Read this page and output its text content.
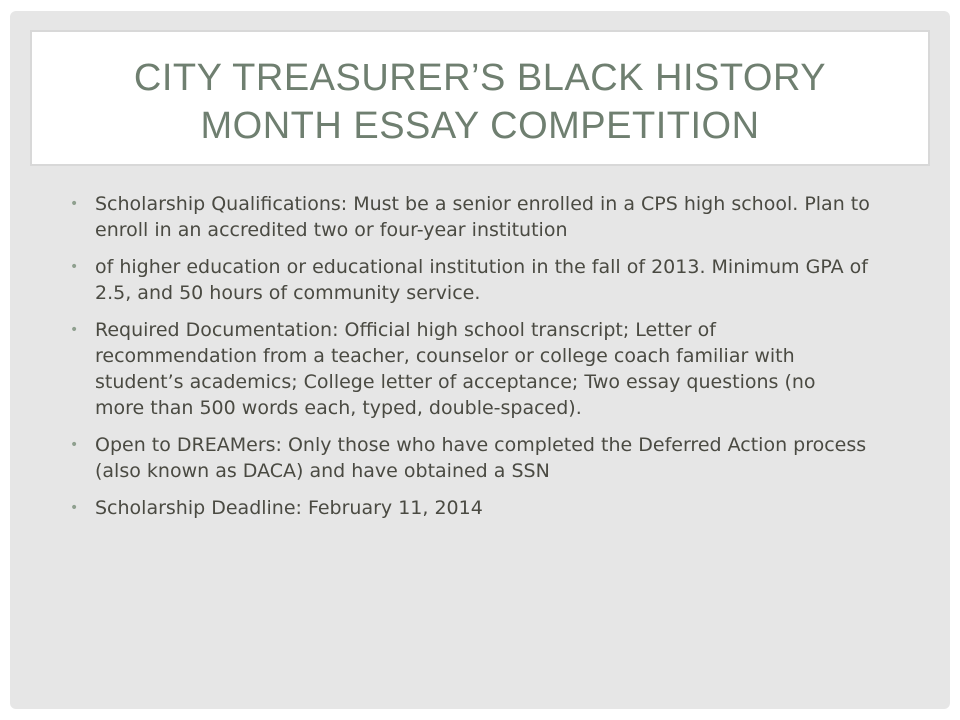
CITY TREASURER’S BLACK HISTORY
MONTH ESSAY COMPETITION
• Scholarship Qualifications: Must be a senior enrolled in a CPS high school. Plan to enroll in an accredited two or four-year institution
• of higher education or educational institution in the fall of 2013. Minimum GPA of 2.5, and 50 hours of community service.
• Required Documentation: Official high school transcript; Letter of recommendation from a teacher, counselor or college coach familiar with student’s academics; College letter of acceptance; Two essay questions (no more than 500 words each, typed, double-spaced).
• Open to DREAMers: Only those who have completed the Deferred Action process (also known as DACA) and have obtained a SSN
• Scholarship Deadline: February 11, 2014
